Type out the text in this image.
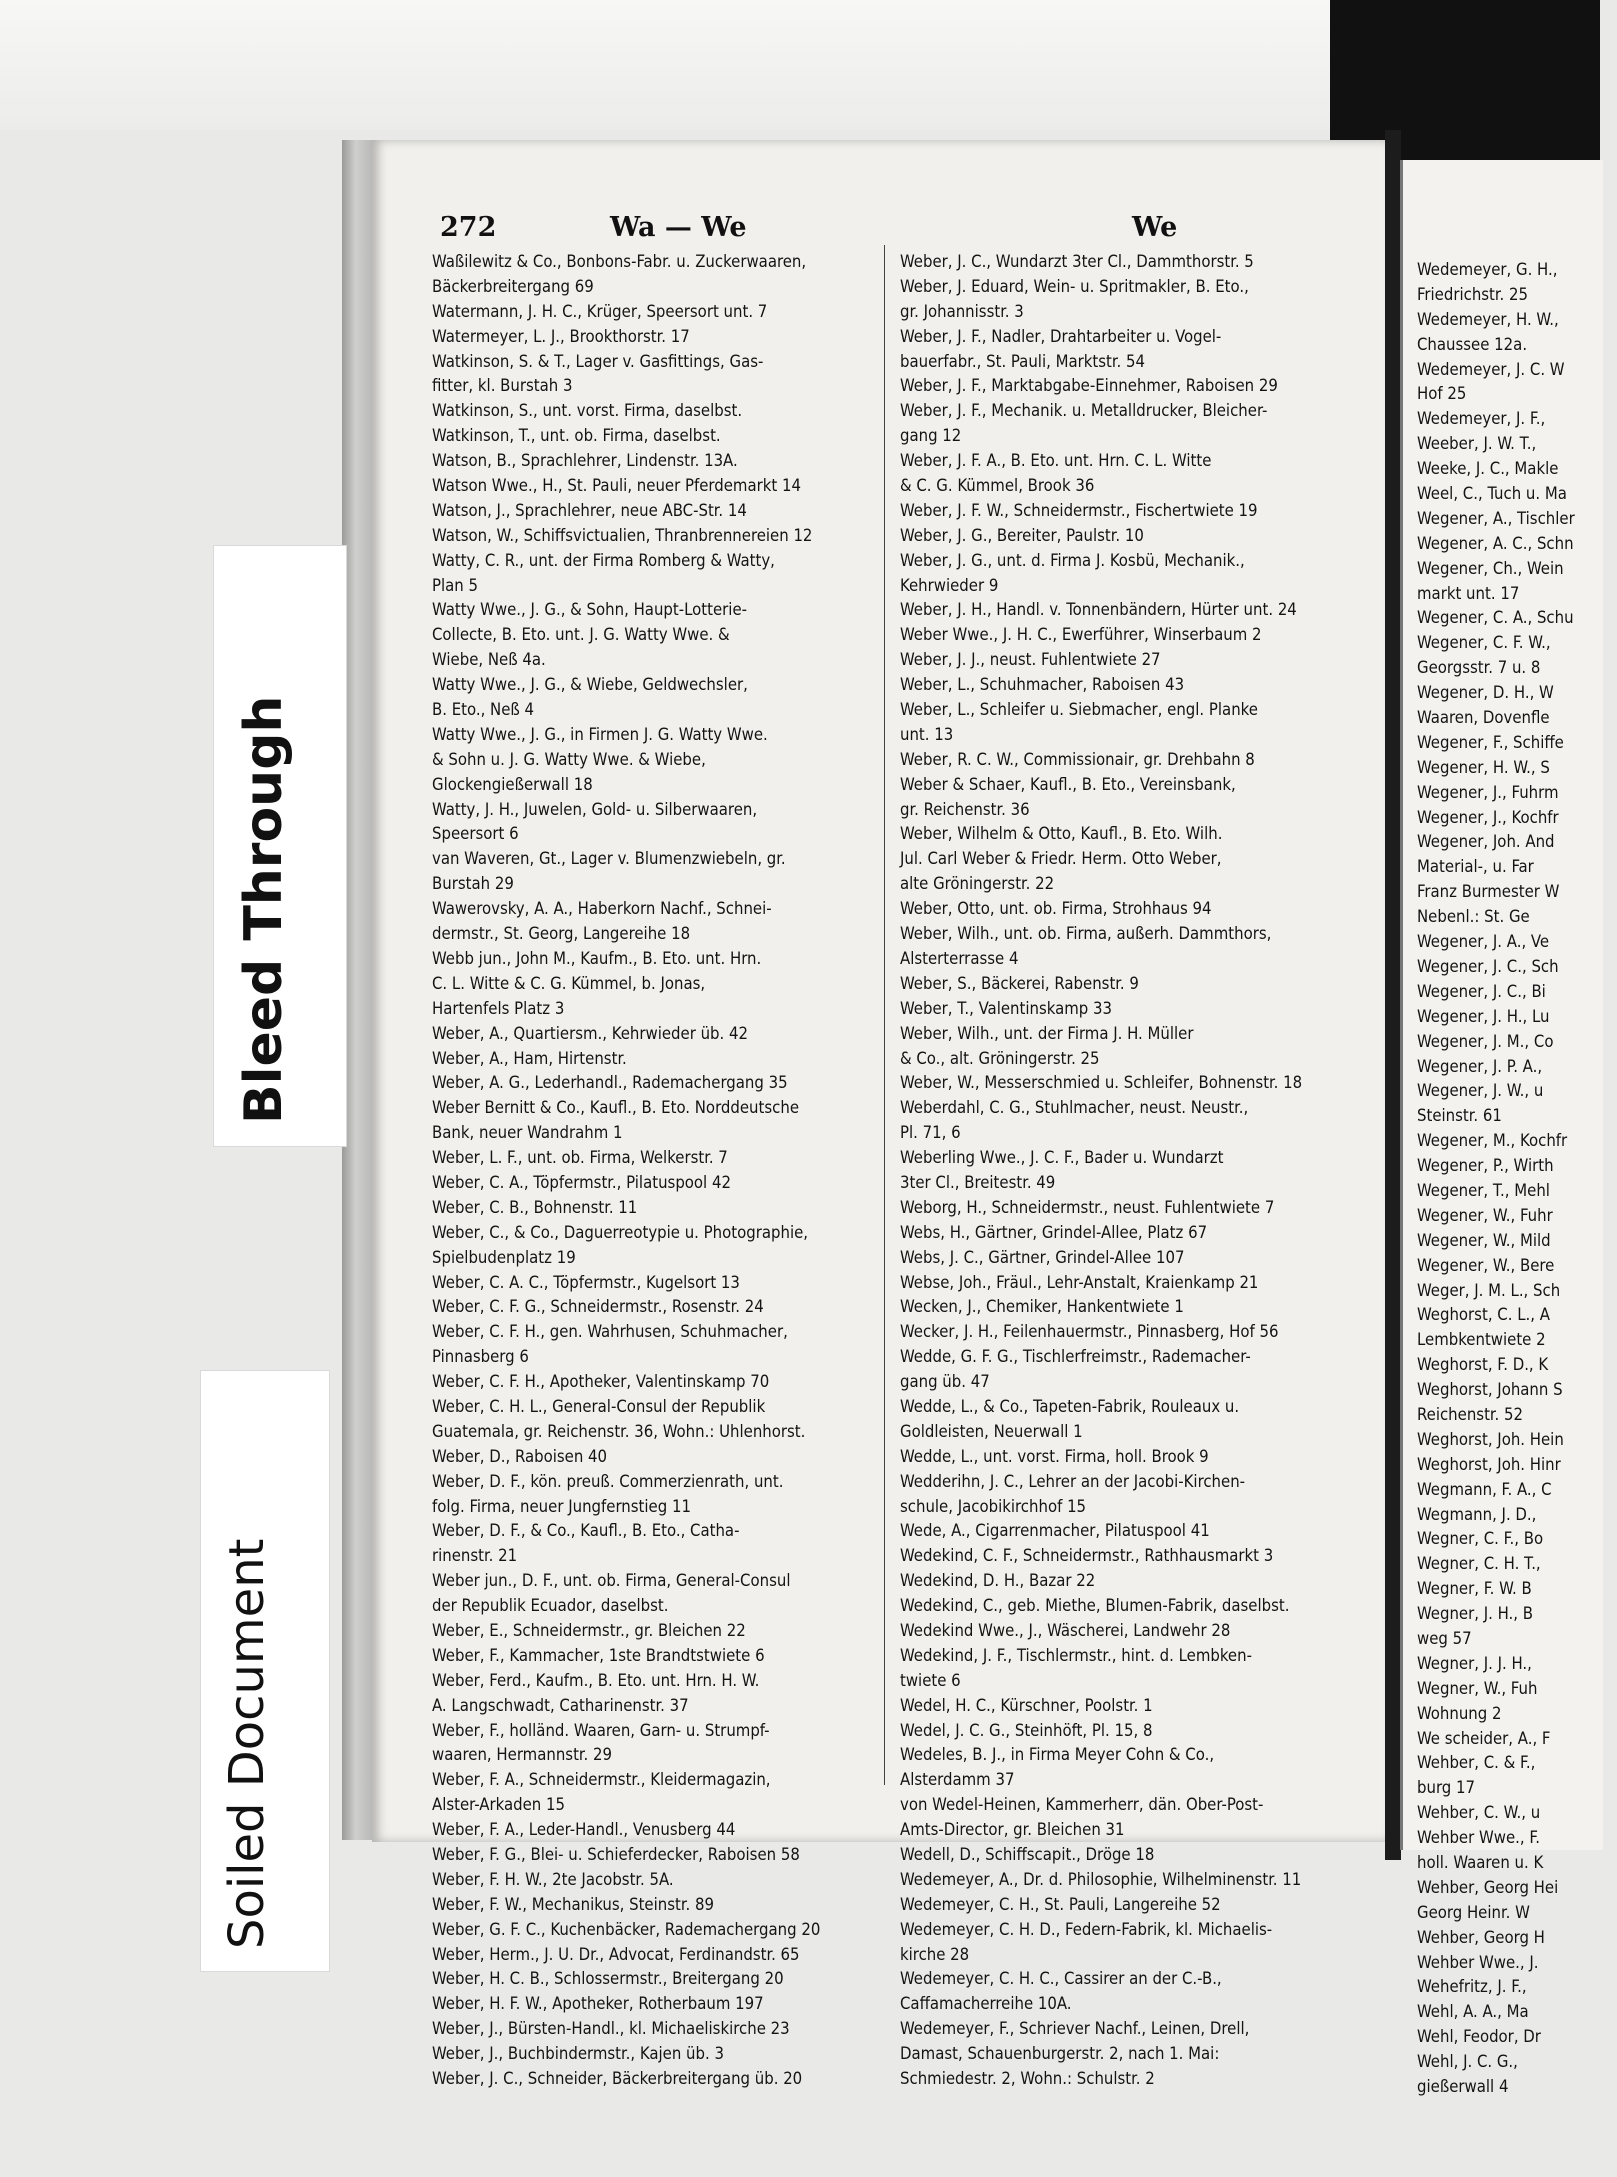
272	Wa — We	We
Waßilewitz & Co., Bonbons-Fabr. u. Zuckerwaaren,
Bäckerbreitergang 69
Watermann, J. H. C., Krüger, Speersort unt. 7
Watermeyer, L. J., Brookthorstr. 17
Watkinson, S. & T., Lager v. Gasfittings, Gas-
fitter, kl. Burstah 3
Watkinson, S., unt. vorst. Firma, daselbst.
Watkinson, T., unt. ob. Firma, daselbst.
Watson, B., Sprachlehrer, Lindenstr. 13A.
Watson Wwe., H., St. Pauli, neuer Pferdemarkt 14
Watson, J., Sprachlehrer, neue ABC-Str. 14
Watson, W., Schiffsvictualien, Thranbrennereien 12
Watty, C. R., unt. der Firma Romberg & Watty,
Plan 5
Watty Wwe., J. G., & Sohn, Haupt-Lotterie-
Collecte, B. Eto. unt. J. G. Watty Wwe. &
Wiebe, Neß 4a.
Watty Wwe., J. G., & Wiebe, Geldwechsler,
B. Eto., Neß 4
Watty Wwe., J. G., in Firmen J. G. Watty Wwe.
& Sohn u. J. G. Watty Wwe. & Wiebe,
Glockengießerwall 18
Watty, J. H., Juwelen, Gold- u. Silberwaaren,
Speersort 6
van Waveren, Gt., Lager v. Blumenzwiebeln, gr.
Burstah 29
Wawerovsky, A. A., Haberkorn Nachf., Schnei-
dermstr., St. Georg, Langereihe 18
Webb jun., John M., Kaufm., B. Eto. unt. Hrn.
C. L. Witte & C. G. Kümmel, b. Jonas,
Hartenfels Platz 3
Weber, A., Quartiersm., Kehrwieder üb. 42
Weber, A., Ham, Hirtenstr.
Weber, A. G., Lederhandl., Rademachergang 35
Weber Bernitt & Co., Kaufl., B. Eto. Norddeutsche
Bank, neuer Wandrahm 1
Weber, L. F., unt. ob. Firma, Welkerstr. 7
Weber, C. A., Töpfermstr., Pilatuspool 42
Weber, C. B., Bohnenstr. 11
Weber, C., & Co., Daguerreotypie u. Photographie,
Spielbudenplatz 19
Weber, C. A. C., Töpfermstr., Kugelsort 13
Weber, C. F. G., Schneidermstr., Rosenstr. 24
Weber, C. F. H., gen. Wahrhusen, Schuhmacher,
Pinnasberg 6
Weber, C. F. H., Apotheker, Valentinskamp 70
Weber, C. H. L., General-Consul der Republik
Guatemala, gr. Reichenstr. 36, Wohn.: Uhlenhorst.
Weber, D., Raboisen 40
Weber, D. F., kön. preuß. Commerzienrath, unt.
folg. Firma, neuer Jungfernstieg 11
Weber, D. F., & Co., Kaufl., B. Eto., Catha-
rinenstr. 21
Weber jun., D. F., unt. ob. Firma, General-Consul
der Republik Ecuador, daselbst.
Weber, E., Schneidermstr., gr. Bleichen 22
Weber, F., Kammacher, 1ste Brandtstwiete 6
Weber, Ferd., Kaufm., B. Eto. unt. Hrn. H. W.
A. Langschwadt, Catharinenstr. 37
Weber, F., holländ. Waaren, Garn- u. Strumpf-
waaren, Hermannstr. 29
Weber, F. A., Schneidermstr., Kleidermagazin,
Alster-Arkaden 15
Weber, F. A., Leder-Handl., Venusberg 44
Weber, F. G., Blei- u. Schieferdecker, Raboisen 58
Weber, F. H. W., 2te Jacobstr. 5A.
Weber, F. W., Mechanikus, Steinstr. 89
Weber, G. F. C., Kuchenbäcker, Rademachergang 20
Weber, Herm., J. U. Dr., Advocat, Ferdinandstr. 65
Weber, H. C. B., Schlossermstr., Breitergang 20
Weber, H. F. W., Apotheker, Rotherbaum 197
Weber, J., Bürsten-Handl., kl. Michaeliskirche 23
Weber, J., Buchbindermstr., Kajen üb. 3
Weber, J. C., Schneider, Bäckerbreitergang üb. 20
Weber, J. C., Wundarzt 3ter Cl., Dammthorstr. 5
Weber, J. Eduard, Wein- u. Spritmakler, B. Eto.,
gr. Johannisstr. 3
Weber, J. F., Nadler, Drahtarbeiter u. Vogel-
bauerfabr., St. Pauli, Marktstr. 54
Weber, J. F., Marktabgabe-Einnehmer, Raboisen 29
Weber, J. F., Mechanik. u. Metalldrucker, Bleicher-
gang 12
Weber, J. F. A., B. Eto. unt. Hrn. C. L. Witte
& C. G. Kümmel, Brook 36
Weber, J. F. W., Schneidermstr., Fischertwiete 19
Weber, J. G., Bereiter, Paulstr. 10
Weber, J. G., unt. d. Firma J. Kosbü, Mechanik.,
Kehrwieder 9
Weber, J. H., Handl. v. Tonnenbändern, Hürter unt. 24
Weber Wwe., J. H. C., Ewerführer, Winserbaum 2
Weber, J. J., neust. Fuhlentwiete 27
Weber, L., Schuhmacher, Raboisen 43
Weber, L., Schleifer u. Siebmacher, engl. Planke
unt. 13
Weber, R. C. W., Commissionair, gr. Drehbahn 8
Weber & Schaer, Kaufl., B. Eto., Vereinsbank,
gr. Reichenstr. 36
Weber, Wilhelm & Otto, Kaufl., B. Eto. Wilh.
Jul. Carl Weber & Friedr. Herm. Otto Weber,
alte Gröningerstr. 22
Weber, Otto, unt. ob. Firma, Strohhaus 94
Weber, Wilh., unt. ob. Firma, außerh. Dammthors,
Alsterterrasse 4
Weber, S., Bäckerei, Rabenstr. 9
Weber, T., Valentinskamp 33
Weber, Wilh., unt. der Firma J. H. Müller
& Co., alt. Gröningerstr. 25
Weber, W., Messerschmied u. Schleifer, Bohnenstr. 18
Weberdahl, C. G., Stuhlmacher, neust. Neustr.,
Pl. 71, 6
Weberling Wwe., J. C. F., Bader u. Wundarzt
3ter Cl., Breitestr. 49
Weborg, H., Schneidermstr., neust. Fuhlentwiete 7
Webs, H., Gärtner, Grindel-Allee, Platz 67
Webs, J. C., Gärtner, Grindel-Allee 107
Webse, Joh., Fräul., Lehr-Anstalt, Kraienkamp 21
Wecken, J., Chemiker, Hankentwiete 1
Wecker, J. H., Feilenhauermstr., Pinnasberg, Hof 56
Wedde, G. F. G., Tischlerfreimstr., Rademacher-
gang üb. 47
Wedde, L., & Co., Tapeten-Fabrik, Rouleaux u.
Goldleisten, Neuerwall 1
Wedde, L., unt. vorst. Firma, holl. Brook 9
Wedderihn, J. C., Lehrer an der Jacobi-Kirchen-
schule, Jacobikirchhof 15
Wede, A., Cigarrenmacher, Pilatuspool 41
Wedekind, C. F., Schneidermstr., Rathhausmarkt 3
Wedekind, D. H., Bazar 22
Wedekind, C., geb. Miethe, Blumen-Fabrik, daselbst.
Wedekind Wwe., J., Wäscherei, Landwehr 28
Wedekind, J. F., Tischlermstr., hint. d. Lembken-
twiete 6
Wedel, H. C., Kürschner, Poolstr. 1
Wedel, J. C. G., Steinhöft, Pl. 15, 8
Wedeles, B. J., in Firma Meyer Cohn & Co.,
Alsterdamm 37
von Wedel-Heinen, Kammerherr, dän. Ober-Post-
Amts-Director, gr. Bleichen 31
Wedell, D., Schiffscapit., Dröge 18
Wedemeyer, A., Dr. d. Philosophie, Wilhelminenstr. 11
Wedemeyer, C. H., St. Pauli, Langereihe 52
Wedemeyer, C. H. D., Federn-Fabrik, kl. Michaelis-
kirche 28
Wedemeyer, C. H. C., Cassirer an der C.-B.,
Caffamacherreihe 10A.
Wedemeyer, F., Schriever Nachf., Leinen, Drell,
Damast, Schauenburgerstr. 2, nach 1. Mai:
Schmiedestr. 2, Wohn.: Schulstr. 2
Wedemeyer, G. H.,
Friedrichstr. 25
Wedemeyer, H. W.,
Chaussee 12a.
Wedemeyer, J. C. W
Hof 25
Wedemeyer, J. F.,
Weeber, J. W. T.,
Weeke, J. C., Makle
Weel, C., Tuch u. Ma
Wegener, A., Tischler
Wegener, A. C., Schn
Wegener, Ch., Wein
markt unt. 17
Wegener, C. A., Schu
Wegener, C. F. W.,
Georgsstr. 7 u. 8
Wegener, D. H., W
Waaren, Dovenfle
Wegener, F., Schiffe
Wegener, H. W., S
Wegener, J., Fuhrm
Wegener, J., Kochfr
Wegener, Joh. And
Material-, u. Far
Franz Burmester W
Nebenl.: St. Ge
Wegener, J. A., Ve
Wegener, J. C., Sch
Wegener, J. C., Bi
Wegener, J. H., Lu
Wegener, J. M., Co
Wegener, J. P. A.,
Wegener, J. W., u
Steinstr. 61
Wegener, M., Kochfr
Wegener, P., Wirth
Wegener, T., Mehl
Wegener, W., Fuhr
Wegener, W., Mild
Wegener, W., Bere
Weger, J. M. L., Sch
Weghorst, C. L., A
Lembkentwiete 2
Weghorst, F. D., K
Weghorst, Johann S
Reichenstr. 52
Weghorst, Joh. Hein
Weghorst, Joh. Hinr
Wegmann, F. A., C
Wegmann, J. D.,
Wegner, C. F., Bo
Wegner, C. H. T.,
Wegner, F. W. B
Wegner, J. H., B
weg 57
Wegner, J. J. H.,
Wegner, W., Fuh
Wohnung 2
We scheider, A., F
Wehber, C. & F.,
burg 17
Wehber, C. W., u
Wehber Wwe., F.
holl. Waaren u. K
Wehber, Georg Hei
Georg Heinr. W
Wehber, Georg H
Wehber Wwe., J.
Wehefritz, J. F.,
Wehl, A. A., Ma
Wehl, Feodor, Dr
Wehl, J. C. G.,
gießerwall 4
Bleed Through
Soiled Document
